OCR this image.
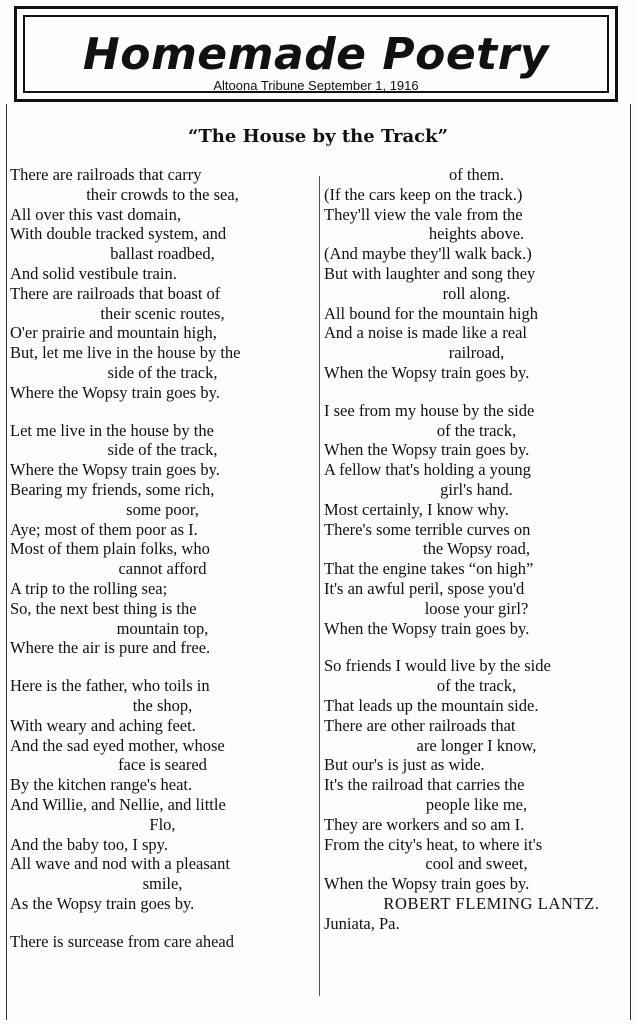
Homemade Poetry
Altoona Tribune September 1, 1916
“The House by the Track”
There are railroads that carry
their crowds to the sea,
All over this vast domain,
With double tracked system, and
ballast roadbed,
And solid vestibule train.
There are railroads that boast of
their scenic routes,
O'er prairie and mountain high,
But, let me live in the house by the
side of the track,
Where the Wopsy train goes by.
Let me live in the house by the
side of the track,
Where the Wopsy train goes by.
Bearing my friends, some rich,
some poor,
Aye; most of them poor as I.
Most of them plain folks, who
cannot afford
A trip to the rolling sea;
So, the next best thing is the
mountain top,
Where the air is pure and free.
Here is the father, who toils in
the shop,
With weary and aching feet.
And the sad eyed mother, whose
face is seared
By the kitchen range's heat.
And Willie, and Nellie, and little
Flo,
And the baby too, I spy.
All wave and nod with a pleasant
smile,
As the Wopsy train goes by.
There is surcease from care ahead
of them.
(If the cars keep on the track.)
They'll view the vale from the
heights above.
(And maybe they'll walk back.)
But with laughter and song they
roll along.
All bound for the mountain high
And a noise is made like a real
railroad,
When the Wopsy train goes by.
I see from my house by the side
of the track,
When the Wopsy train goes by.
A fellow that's holding a young
girl's hand.
Most certainly, I know why.
There's some terrible curves on
the Wopsy road,
That the engine takes “on high”
It's an awful peril, spose you'd
loose your girl?
When the Wopsy train goes by.
So friends I would live by the side
of the track,
That leads up the mountain side.
There are other railroads that
are longer I know,
But our's is just as wide.
It's the railroad that carries the
people like me,
They are workers and so am I.
From the city's heat, to where it's
cool and sweet,
When the Wopsy train goes by.
ROBERT FLEMING LANTZ.
Juniata, Pa.
